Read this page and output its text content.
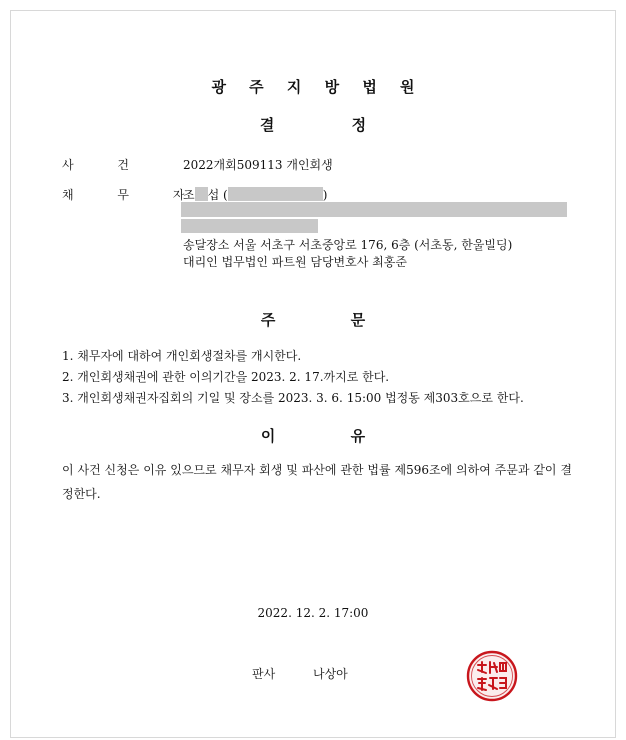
광 주 지 방 법 원
결 정
사 건	2022개회509113 개인회생
채 무 자
조 섭 (	)
송달장소 서울 서초구 서초중앙로 176, 6층 (서초동, 한울빌딩)
대리인 법무법인 파트원 담당변호사 최홍준
주 문
1. 채무자에 대하여 개인회생절차를 개시한다.
2. 개인회생채권에 관한 이의기간을 2023. 2. 17.까지로 한다.
3. 개인회생채권자집회의 기일 및 장소를 2023. 3. 6. 15:00 법정동 제303호으로 한다.
이 유
이 사건 신청은 이유 있으므로 채무자 회생 및 파산에 관한 법률 제596조에 의하여 주문과 같이 결정한다.
2022. 12. 2. 17:00
판사	나상아
